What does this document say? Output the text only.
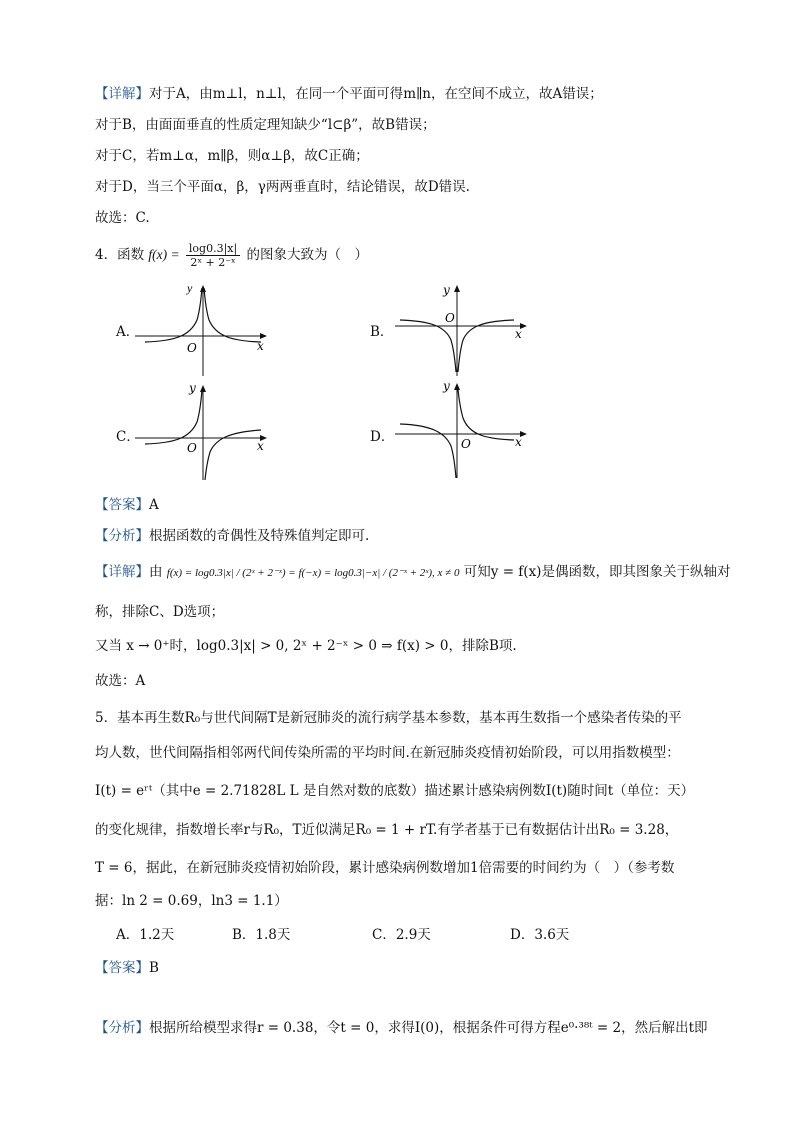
【详解】对于A，由m⊥l，n⊥l，在同一个平面可得m∥n，在空间不成立，故A错误；
对于B，由面面垂直的性质定理知缺少“l⊂β”，故B错误；
对于C，若m⊥α，m∥β，则α⊥β，故C正确；
对于D，当三个平面α，β，γ两两垂直时，结论错误，故D错误.
故选：C.
4．函数 $f(x) = \frac{\log 0.3|x|}{\text{2ˣ + 2⁻ˣ}}$ 的图象大致为（　）
A．	B．
C．	D．
y
x
O
y
x
O
y
x
O
y
x
O
【答案】A
【分析】根据函数的奇偶性及特殊值判定即可.
【详解】由 f(x) = log0.3|x| / (2ˣ + 2⁻ˣ) = f(−x) = log0.3|−x| / (2⁻ˣ + 2ˣ), x ≠ 0 可知y = f(x)是偶函数，即其图象关于纵轴对
称，排除C、D选项；
又当 x → 0⁺时，log0.3|x| > 0, 2ˣ + 2⁻ˣ > 0 ⇒ f(x) > 0，排除B项.
故选：A
5．基本再生数R₀与世代间隔T是新冠肺炎的流行病学基本参数，基本再生数指一个感染者传染的平
均人数，世代间隔指相邻两代间传染所需的平均时间.在新冠肺炎疫情初始阶段，可以用指数模型：
I(t) = eʳᵗ（其中e = 2.71828L L 是自然对数的底数）描述累计感染病例数I(t)随时间t（单位：天）
的变化规律，指数增长率r与R₀，T近似满足R₀ = 1 + rT.有学者基于已有数据估计出R₀ = 3.28，
T = 6，据此，在新冠肺炎疫情初始阶段，累计感染病例数增加1倍需要的时间约为（　）（参考数
据：ln 2 = 0.69，ln3 = 1.1）
A．1.2天	B．1.8天	C．2.9天	D．3.6天
【答案】B
【分析】根据所给模型求得r = 0.38，令t = 0，求得I(0)，根据条件可得方程e⁰·³⁸ᵗ = 2，然后解出t即
